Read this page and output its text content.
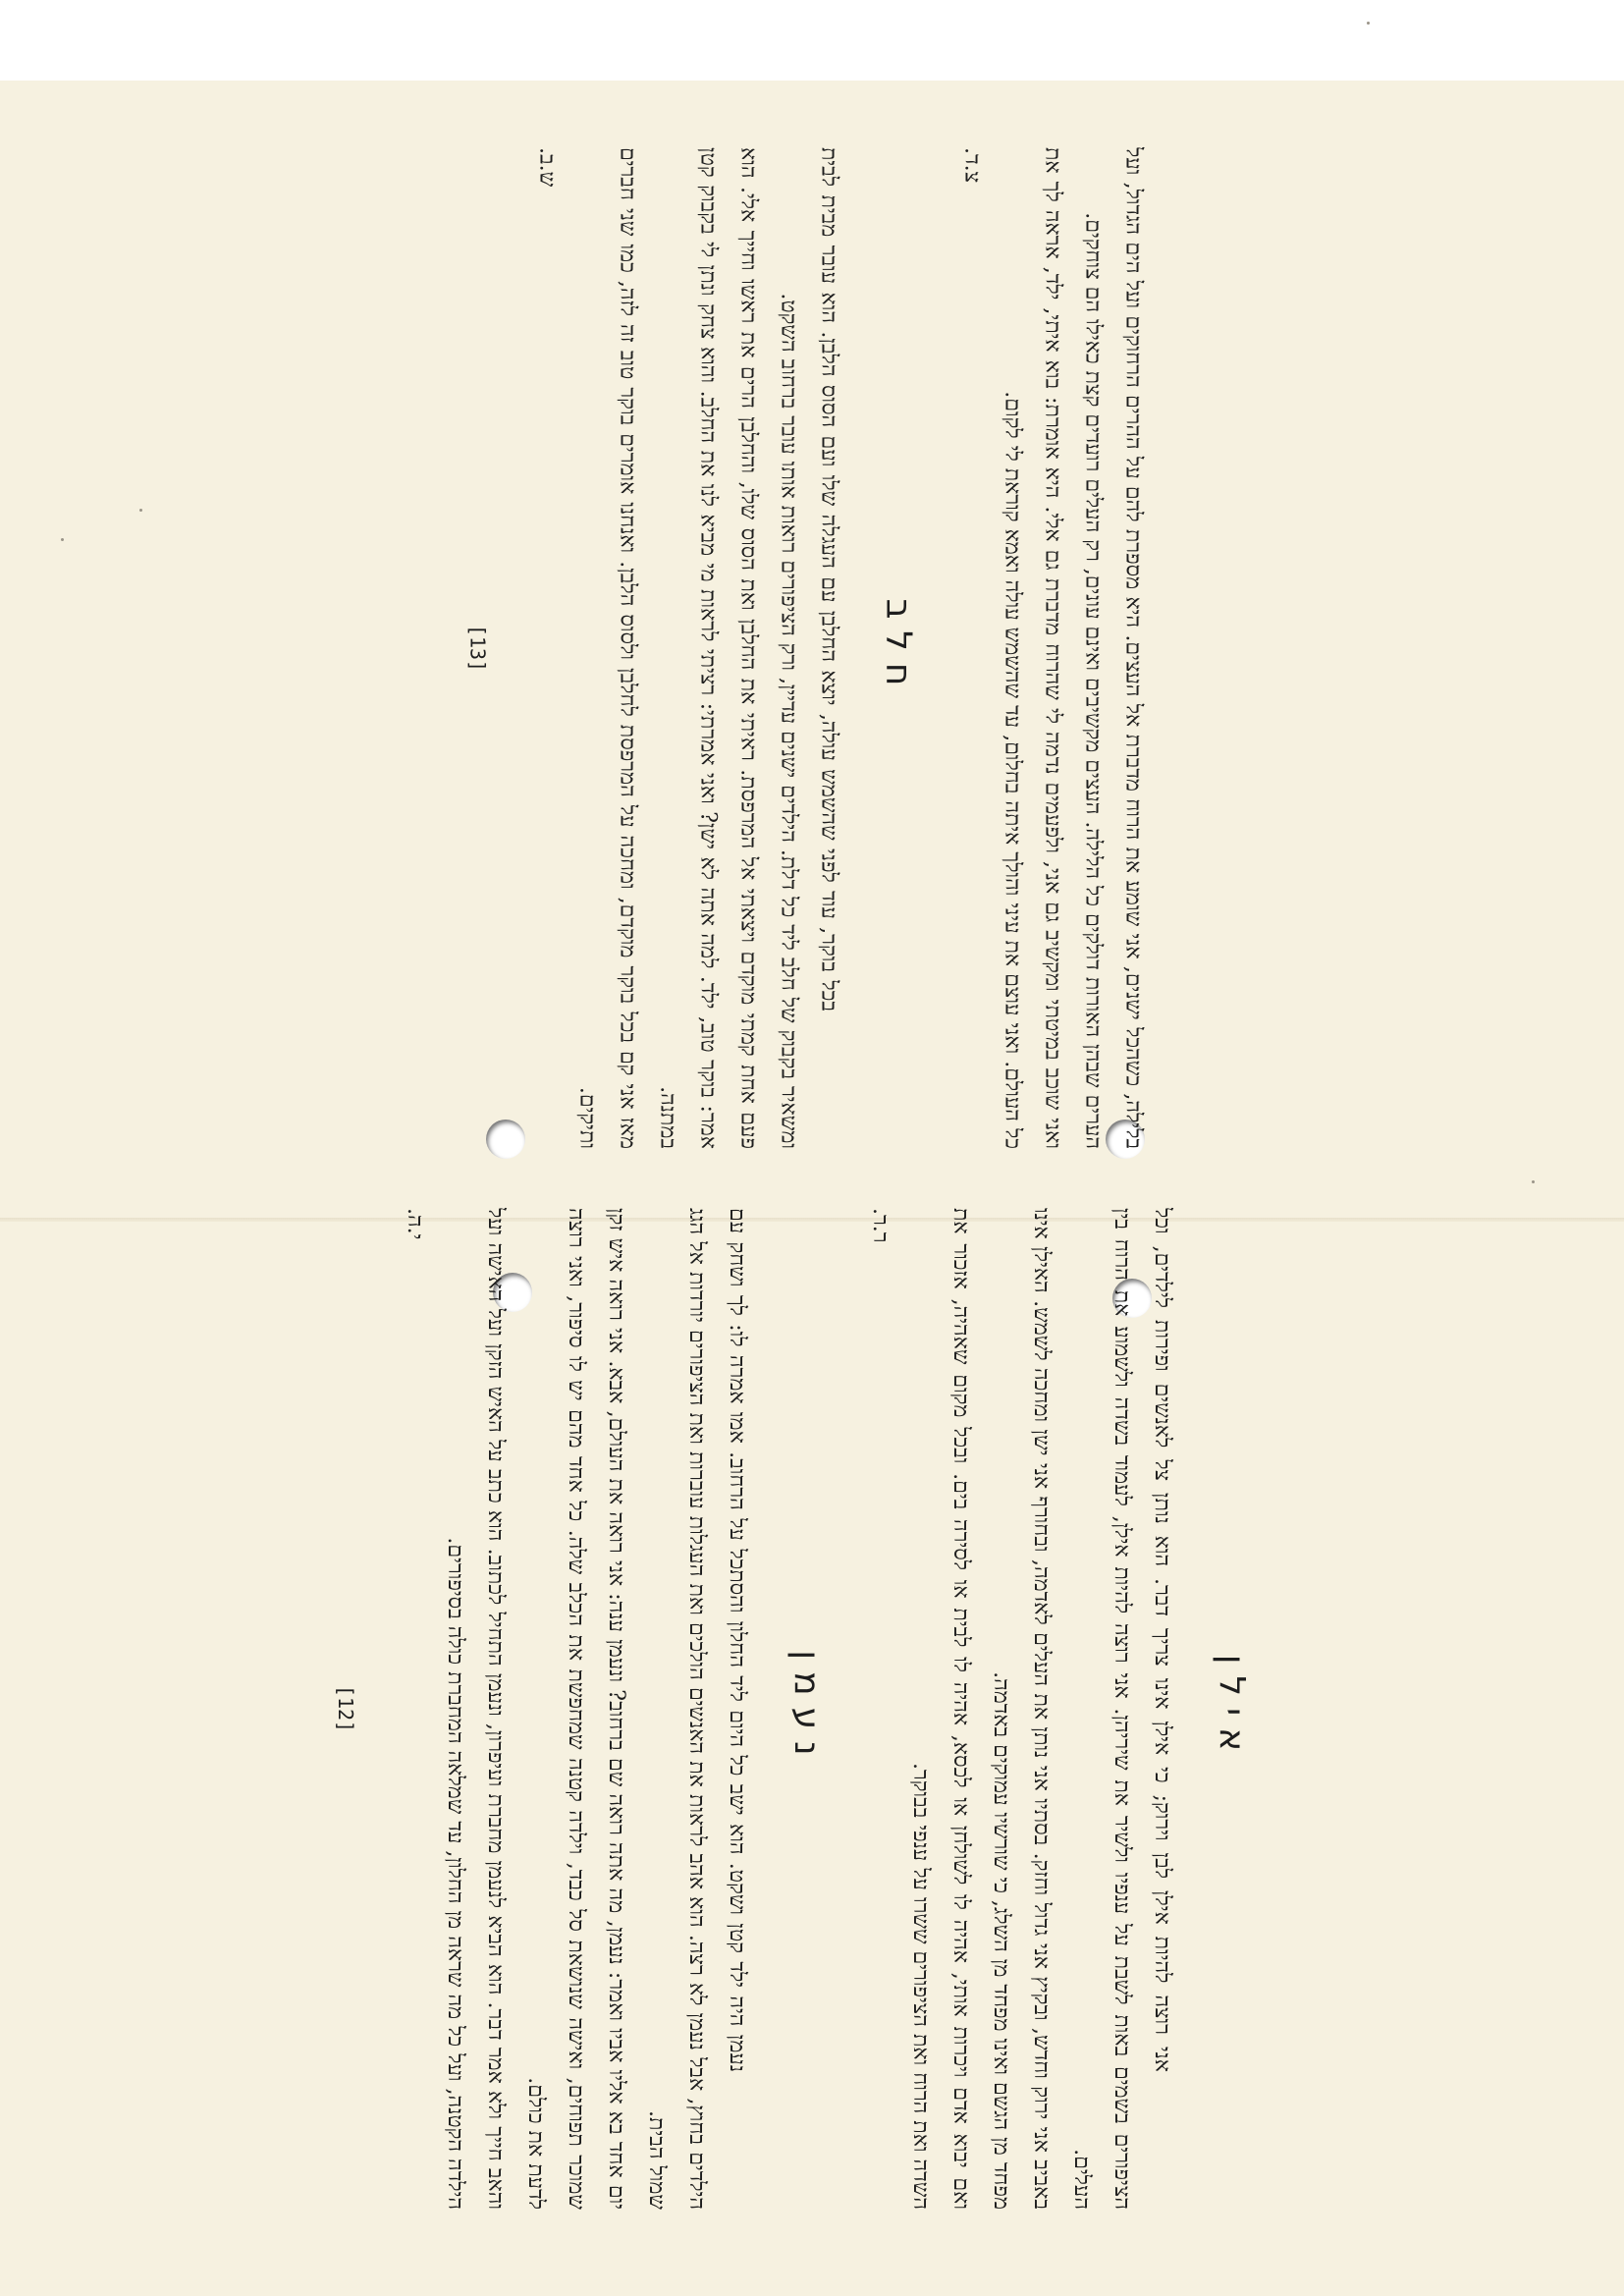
בלילה, כשהכל ישנים, אני שומע את הרוח מדברת אל העצים. היא מספרת להם על ההרים הרחוקים ועל הים הגדול, ועל הערים שבהן האורות דולקים כל הלילה. העצים מקשיבים ואינם עונים, רק העלים רועדים קצת כאילו הם צוחקים.

ואני שוכב במיטתי ומקשיב גם אני, ולפעמים נדמה לי שהרוח מדברת גם אלי. היא אומרת: בוא איתי, ילד, אראה לך את כל העולם. ואני עוצם את עיני והולך איתה בחלום, עד שהשמש עולה ואמא קוראת לי לקום.

צ.ד.

חלב

בכל בוקר, עוד לפני שהשמש עולה, יוצא החלבן עם העגלה שלו ועם הסוס הלבן. הוא עובר מבית לבית ומשאיר בקבוק של חלב ליד כל דלת. הילדים ישנים עדיין, ורק הציפורים רואות אותו עובר ברחוב השקט.

פעם אחת קמתי מוקדם ויצאתי אל המרפסת. ראיתי את החלבן ואת הסוס שלו, והחלבן הרים את ראשו וחייך אלי. הוא אמר: בוקר טוב, ילד. למה אתה לא ישן? ואני אמרתי: רציתי לראות מי מביא לנו את החלב. והוא צחק ונתן לי בקבוק קטן במתנה.

מאז אני קם בכל בוקר מוקדם, ומחכה על המרפסת לחלבן ולסוס הלבן. ואנחנו אומרים בוקר טוב זה לזה, כמו שני חברים ותיקים.

ש.ב.

[13]
אילן

אני רוצה להיות אילן לבן וירוק; כי אילן אינו צריך דבר. הוא נותן צל לאנשים ופירות לילדים, וכל הציפורים בשמים באות לשבת על ענפיו ולשיר את שיריהן. אני רוצה להיות אילן, לעמוד בשדה ולשמוע את הרוח בין העלים.

באביב אני ירוק וחדש, ובקיץ אני גדול וחזק. בסתיו אני נותן את העלים לאדמה, ובחורף אני ישן ומחכה לשמש. האילן אינו מפחד מן הגשם ואינו מפחד מן השלג, כי שורשיו עמוקים באדמה.

ואם יבוא אדם ויכרות אותי, אהיה לו לשולחן או לכסא, אהיה לו לבית או לסירה בים. ובכל מקום שאהיה, אזכור את השדה ואת הרוח ואת הציפורים ששרו על ענפי בבוקר.

ר.ר.

נעמן

נעמן היה ילד קטן ושקט. הוא ישב כל היום ליד החלון והסתכל על הרחוב. אמו אמרה לו: לך ושחק עם הילדים בחוץ, אבל נעמן לא רצה. הוא אהב לראות את האנשים הולכים ואת העגלות עוברות ואת הציפורים יורדות אל הגג שמול הבית.

יום אחד בא אליו אביו ואמר: נעמן, מה אתה רואה שם ברחוב? ונעמן ענה: אני רואה את העולם, אבא. אני רואה איש זקן שמוכר תפוחים, ואישה שנושאת סל כבד, וילדה קטנה שמחפשת את הכלב שלה. כל אחד מהם יש לו סיפור, ואני רוצה לדעת את כולם.

והאב חייך ולא אמר דבר. הוא הביא לנעמן מחברת ועיפרון, ונעמן התחיל לכתוב. הוא כתב על האיש הזקן ועל האישה ועל הילדה הקטנה, ועל כל מה שראה מן החלון, עד שמלאה המחברת כולה בסיפורים.

י.ה.

[12]
